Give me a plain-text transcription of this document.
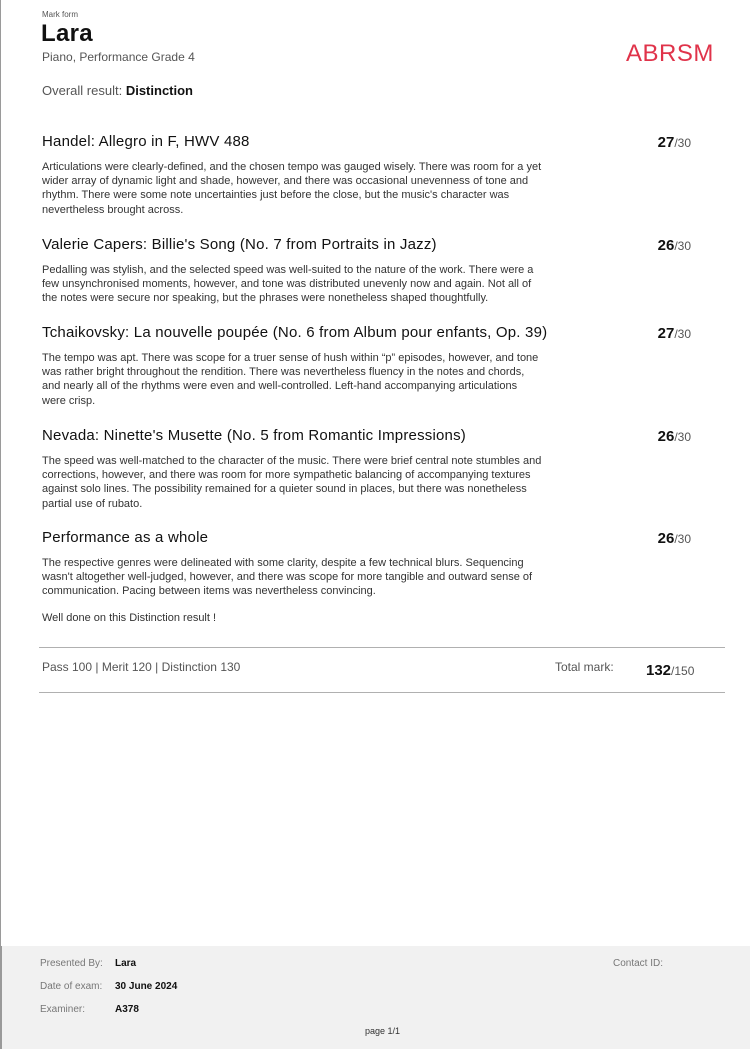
Mark form
Lara
Piano, Performance Grade 4	ABRSM
Overall result: Distinction
Handel: Allegro in F, HWV 488	27/30
Articulations were clearly-defined, and the chosen tempo was gauged wisely. There was room for a yet wider array of dynamic light and shade, however, and there was occasional unevenness of tone and rhythm. There were some note uncertainties just before the close, but the music's character was nevertheless brought across.
Valerie Capers: Billie's Song (No. 7 from Portraits in Jazz)	26/30
Pedalling was stylish, and the selected speed was well-suited to the nature of the work. There were a few unsynchronised moments, however, and tone was distributed unevenly now and again. Not all of the notes were secure nor speaking, but the phrases were nonetheless shaped thoughtfully.
Tchaikovsky: La nouvelle poupée (No. 6 from Album pour enfants, Op. 39)	27/30
The tempo was apt. There was scope for a truer sense of hush within “p” episodes, however, and tone was rather bright throughout the rendition. There was nevertheless fluency in the notes and chords, and nearly all of the rhythms were even and well-controlled. Left-hand accompanying articulations were crisp.
Nevada: Ninette's Musette (No. 5 from Romantic Impressions)	26/30
The speed was well-matched to the character of the music. There were brief central note stumbles and corrections, however, and there was room for more sympathetic balancing of accompanying textures against solo lines. The possibility remained for a quieter sound in places, but there was nonetheless partial use of rubato.
Performance as a whole	26/30
The respective genres were delineated with some clarity, despite a few technical blurs. Sequencing wasn't altogether well-judged, however, and there was scope for more tangible and outward sense of communication. Pacing between items was nevertheless convincing.
Well done on this Distinction result !
Pass 100 | Merit 120 | Distinction 130	Total mark: 132/150
Presented By: Lara	Contact ID:
Date of exam: 30 June 2024
Examiner:	A378
page 1/1
